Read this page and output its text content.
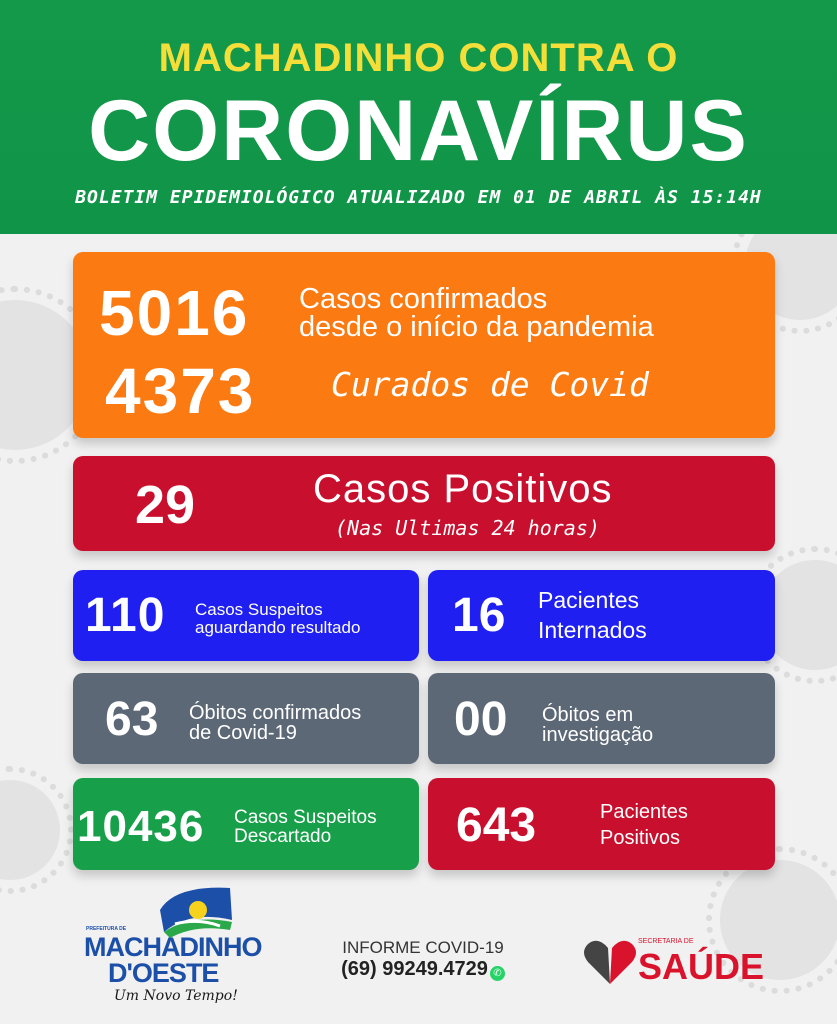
MACHADINHO CONTRA O
CORONAVÍRUS
BOLETIM EPIDEMIOLÓGICO ATUALIZADO EM 01 DE ABRIL ÀS 15:14H
5016 Casos confirmados
desde o início da pandemia
4373 Curados de Covid
29	Casos Positivos
(Nas Ultimas 24 horas)
110 Casos Suspeitos
aguardando resultado 16 Pacientes
Internados
63 Óbitos confirmados
de Covid-19	00 Óbitos em
investigação
10436 Casos Suspeitos
Descartado	643	Pacientes
Positivos
PREFEITURA DE
MACHADINHO
D'OESTE
Um Novo Tempo!
INFORME COVID-19
(69) 99249.4729 ✆
SECRETARIA DE
SAÚDE
